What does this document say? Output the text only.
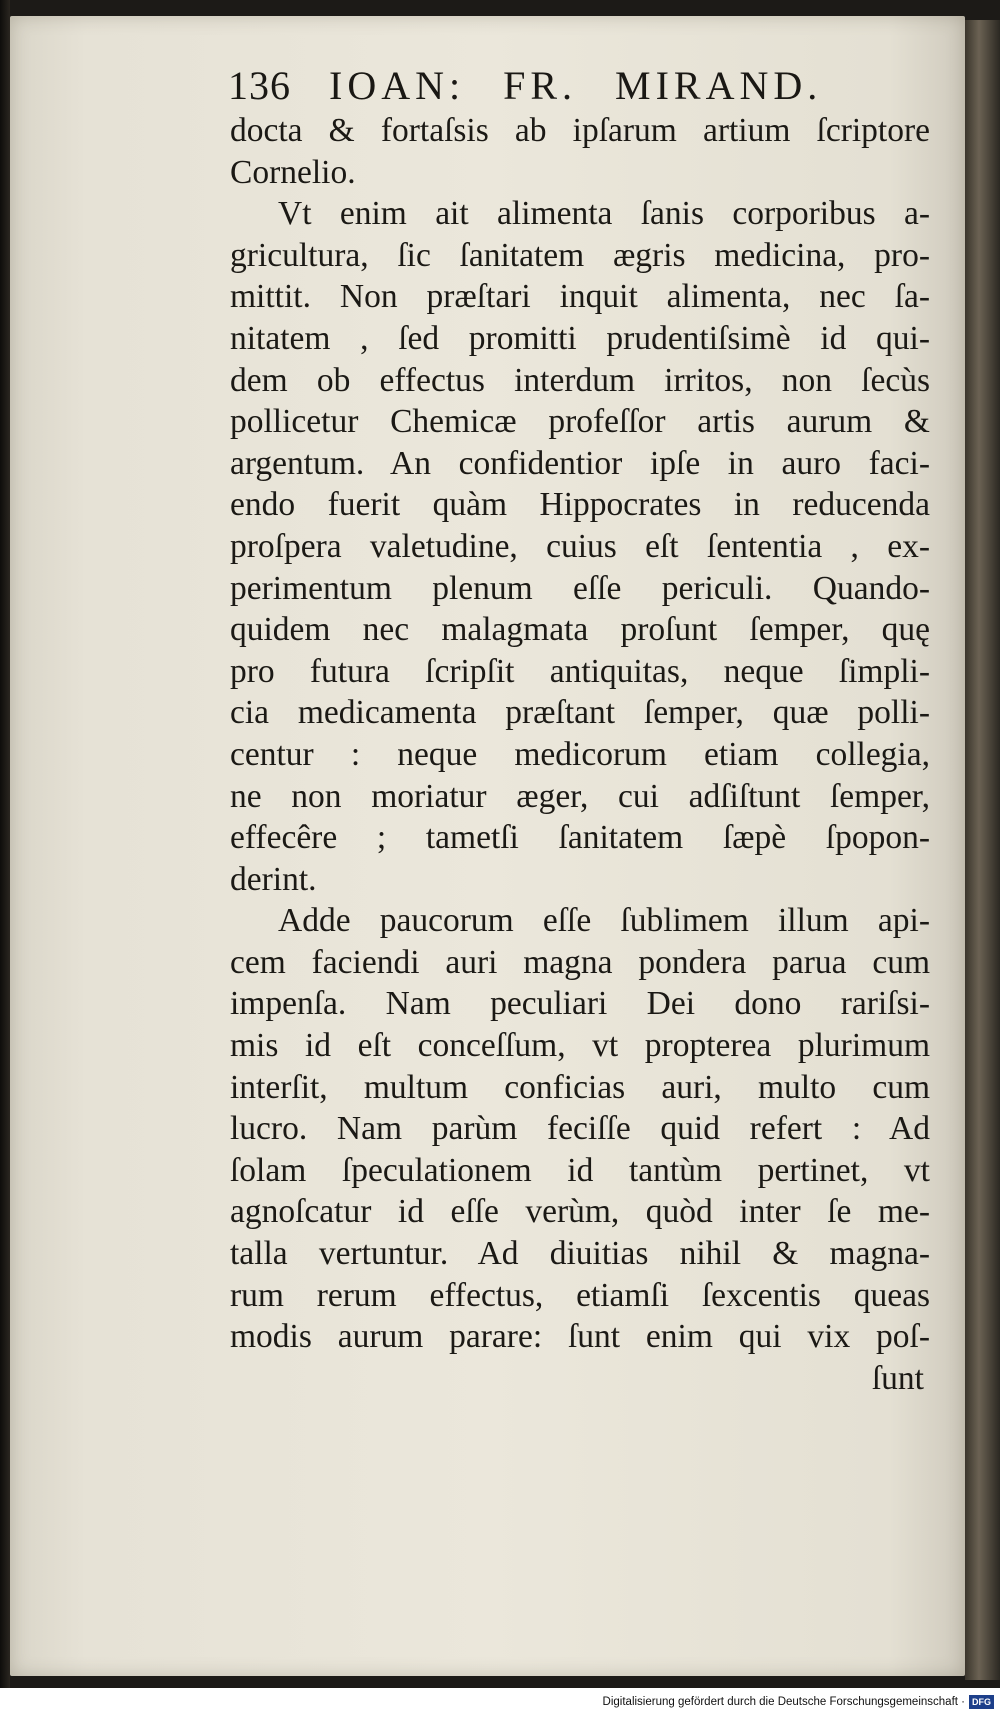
136 IOAN: FR. MIRAND.
docta & fortaſsis ab ipſarum artium ſcriptore
Cornelio.
Vt enim ait alimenta ſanis corporibus a-
gricultura, ſic ſanitatem ægris medicina, pro-
mittit. Non præſtari inquit alimenta, nec ſa-
nitatem , ſed promitti prudentiſsimè id qui-
dem ob effectus interdum irritos, non ſecùs
pollicetur Chemicæ profeſſor artis aurum &
argentum. An confidentior ipſe in auro faci-
endo fuerit quàm Hippocrates in reducenda
proſpera valetudine, cuius eſt ſententia , ex-
perimentum plenum eſſe periculi. Quando-
quidem nec malagmata proſunt ſemper, quę
pro futura ſcripſit antiquitas, neque ſimpli-
cia medicamenta præſtant ſemper, quæ polli-
centur : neque medicorum etiam collegia,
ne non moriatur æger, cui adſiſtunt ſemper,
effecêre ; tametſi ſanitatem ſæpè ſpopon-
derint.
Adde paucorum eſſe ſublimem illum api-
cem faciendi auri magna pondera parua cum
impenſa. Nam peculiari Dei dono rariſsi-
mis id eſt conceſſum, vt propterea plurimum
interſit, multum conficias auri, multo cum
lucro. Nam parùm feciſſe quid refert : Ad
ſolam ſpeculationem id tantùm pertinet, vt
agnoſcatur id eſſe verùm, quòd inter ſe me-
talla vertuntur. Ad diuitias nihil & magna-
rum rerum effectus, etiamſi ſexcentis queas
modis aurum parare: ſunt enim qui vix poſ-
ſunt
Digitalisierung gefördert durch die Deutsche Forschungsgemeinschaft · DFG
